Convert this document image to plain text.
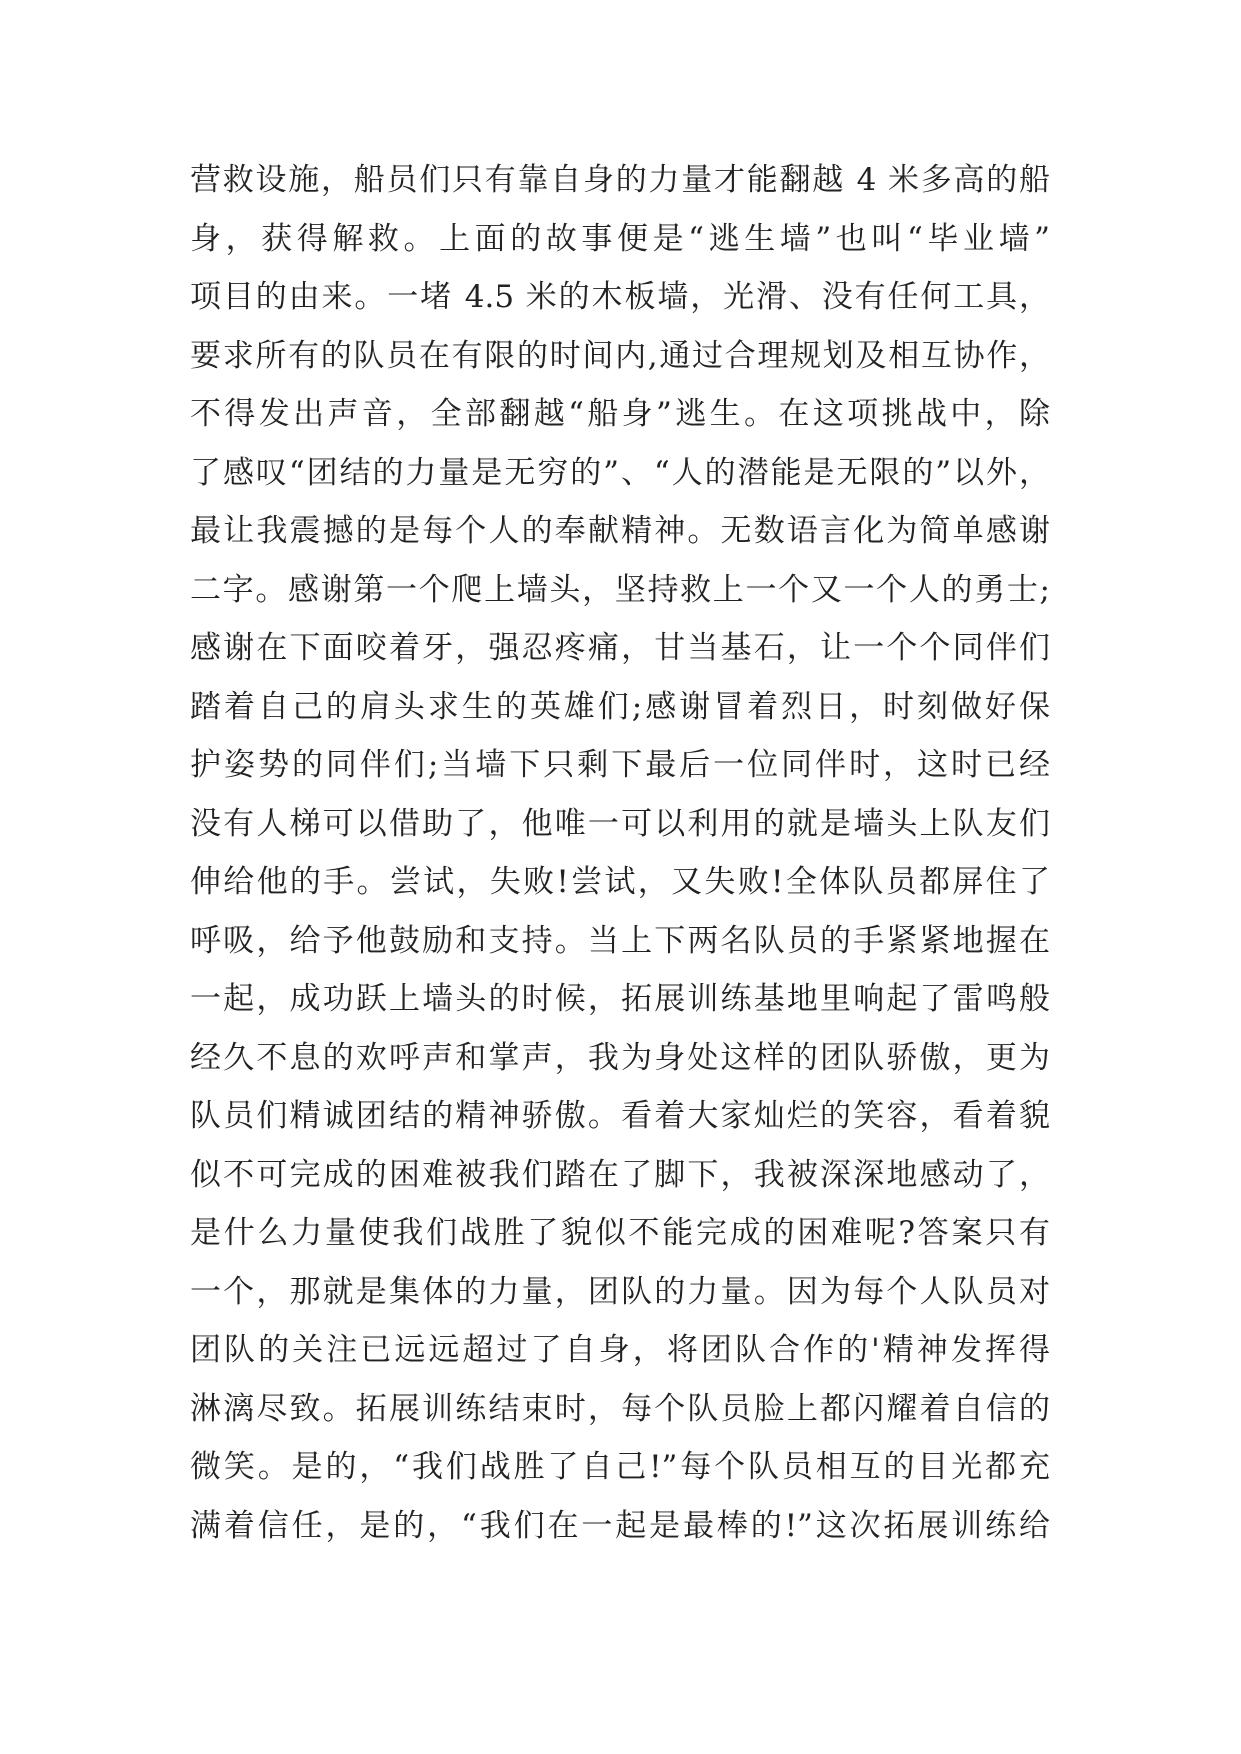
营救设施，船员们只有靠自身的力量才能翻越 4 米多高的船
身，获得解救。上面的故事便是“逃生墙”也叫“毕业墙”
项目的由来。一堵 4.5 米的木板墙，光滑、没有任何工具，
要求所有的队员在有限的时间内,通过合理规划及相互协作，
不得发出声音，全部翻越“船身”逃生。在这项挑战中，除
了感叹“团结的力量是无穷的”、“人的潜能是无限的”以外，
最让我震撼的是每个人的奉献精神。无数语言化为简单感谢
二字。感谢第一个爬上墙头，坚持救上一个又一个人的勇士;
感谢在下面咬着牙，强忍疼痛，甘当基石，让一个个同伴们
踏着自己的肩头求生的英雄们;感谢冒着烈日，时刻做好保
护姿势的同伴们;当墙下只剩下最后一位同伴时，这时已经
没有人梯可以借助了，他唯一可以利用的就是墙头上队友们
伸给他的手。尝试，失败!尝试，又失败!全体队员都屏住了
呼吸，给予他鼓励和支持。当上下两名队员的手紧紧地握在
一起，成功跃上墙头的时候，拓展训练基地里响起了雷鸣般
经久不息的欢呼声和掌声，我为身处这样的团队骄傲，更为
队员们精诚团结的精神骄傲。看着大家灿烂的笑容，看着貌
似不可完成的困难被我们踏在了脚下，我被深深地感动了，
是什么力量使我们战胜了貌似不能完成的困难呢?答案只有
一个，那就是集体的力量，团队的力量。因为每个人队员对
团队的关注已远远超过了自身，将团队合作的'精神发挥得
淋漓尽致。拓展训练结束时，每个队员脸上都闪耀着自信的
微笑。是的，“我们战胜了自己!”每个队员相互的目光都充
满着信任，是的，“我们在一起是最棒的!”这次拓展训练给
